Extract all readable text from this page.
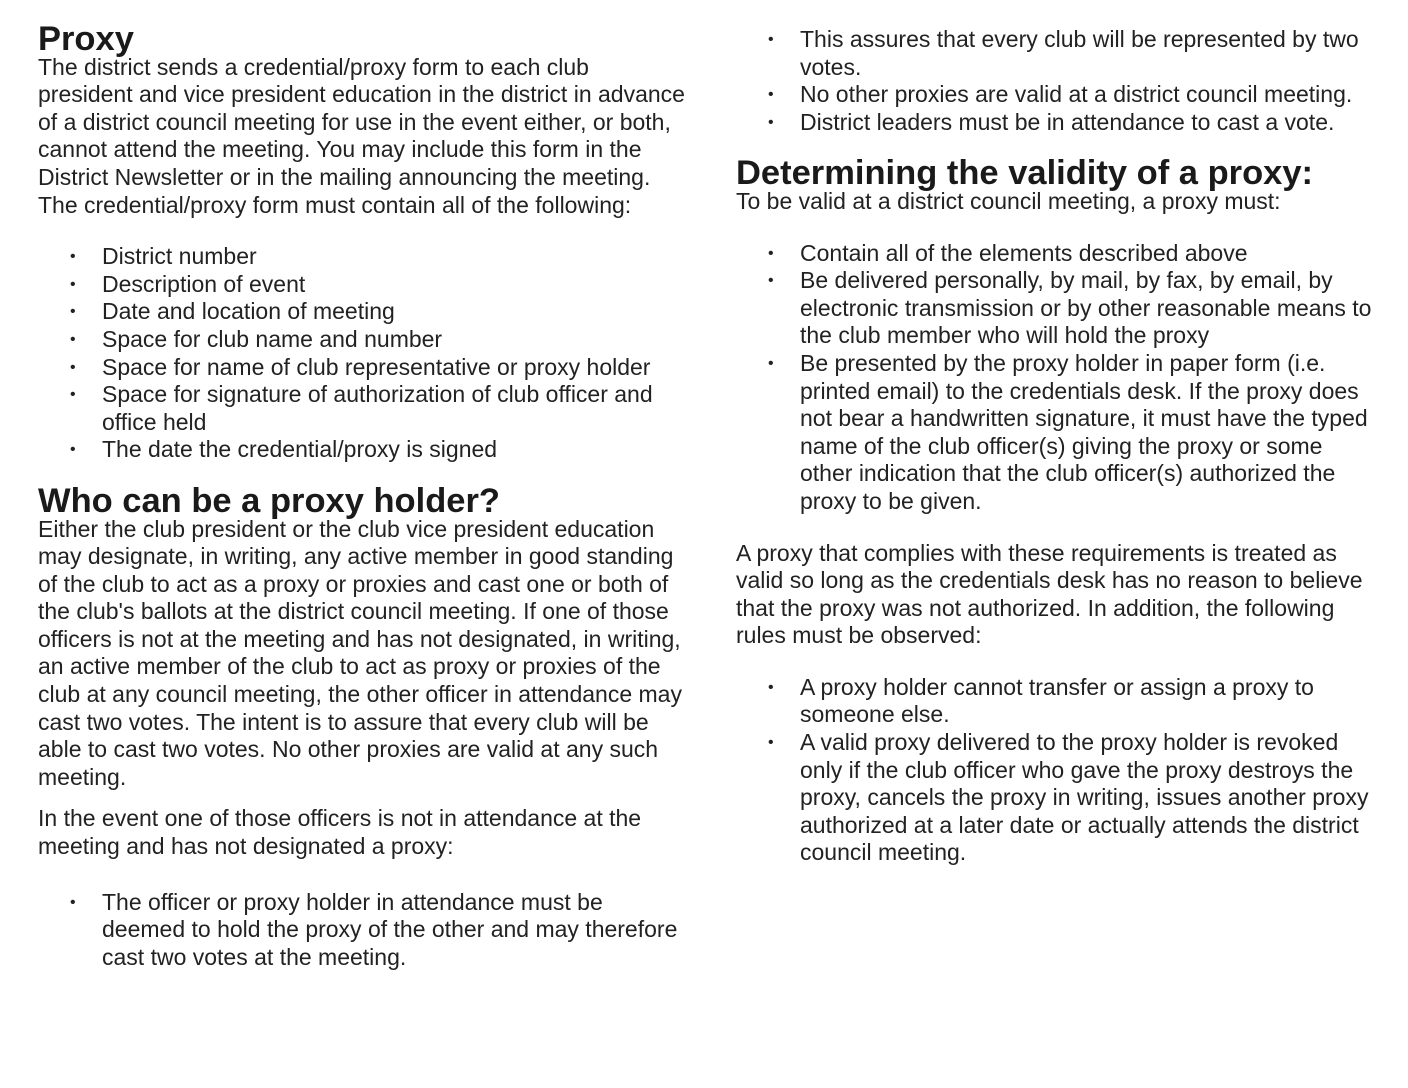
Proxy

The district sends a credential/proxy form to each club president and vice president education in the district in advance of a district council meeting for use in the event either, or both, cannot attend the meeting. You may include this form in the District Newsletter or in the mailing announcing the meeting. The credential/proxy form must contain all of the following:

• District number
• Description of event
• Date and location of meeting
• Space for club name and number
• Space for name of club representative or proxy holder
• Space for signature of authorization of club officer and office held
• The date the credential/proxy is signed
Who can be a proxy holder?

Either the club president or the club vice president education may designate, in writing, any active member in good standing of the club to act as a proxy or proxies and cast one or both of the club's ballots at the district council meeting. If one of those officers is not at the meeting and has not designated, in writing, an active member of the club to act as proxy or proxies of the club at any council meeting, the other officer in attendance may cast two votes. The intent is to assure that every club will be able to cast two votes. No other proxies are valid at any such meeting.

In the event one of those officers is not in attendance at the meeting and has not designated a proxy:

• The officer or proxy holder in attendance must be deemed to hold the proxy of the other and may therefore cast two votes at the meeting.
• This assures that every club will be represented by two votes.
• No other proxies are valid at a district council meeting.
• District leaders must be in attendance to cast a vote.
Determining the validity of a proxy:

To be valid at a district council meeting, a proxy must:

• Contain all of the elements described above
• Be delivered personally, by mail, by fax, by email, by electronic transmission or by other reasonable means to the club member who will hold the proxy
• Be presented by the proxy holder in paper form (i.e. printed email) to the credentials desk. If the proxy does not bear a handwritten signature, it must have the typed name of the club officer(s) giving the proxy or some other indication that the club officer(s) authorized the proxy to be given.

A proxy that complies with these requirements is treated as valid so long as the credentials desk has no reason to believe that the proxy was not authorized. In addition, the following rules must be observed:

• A proxy holder cannot transfer or assign a proxy to someone else.
• A valid proxy delivered to the proxy holder is revoked only if the club officer who gave the proxy destroys the proxy, cancels the proxy in writing, issues another proxy authorized at a later date or actually attends the district council meeting.
